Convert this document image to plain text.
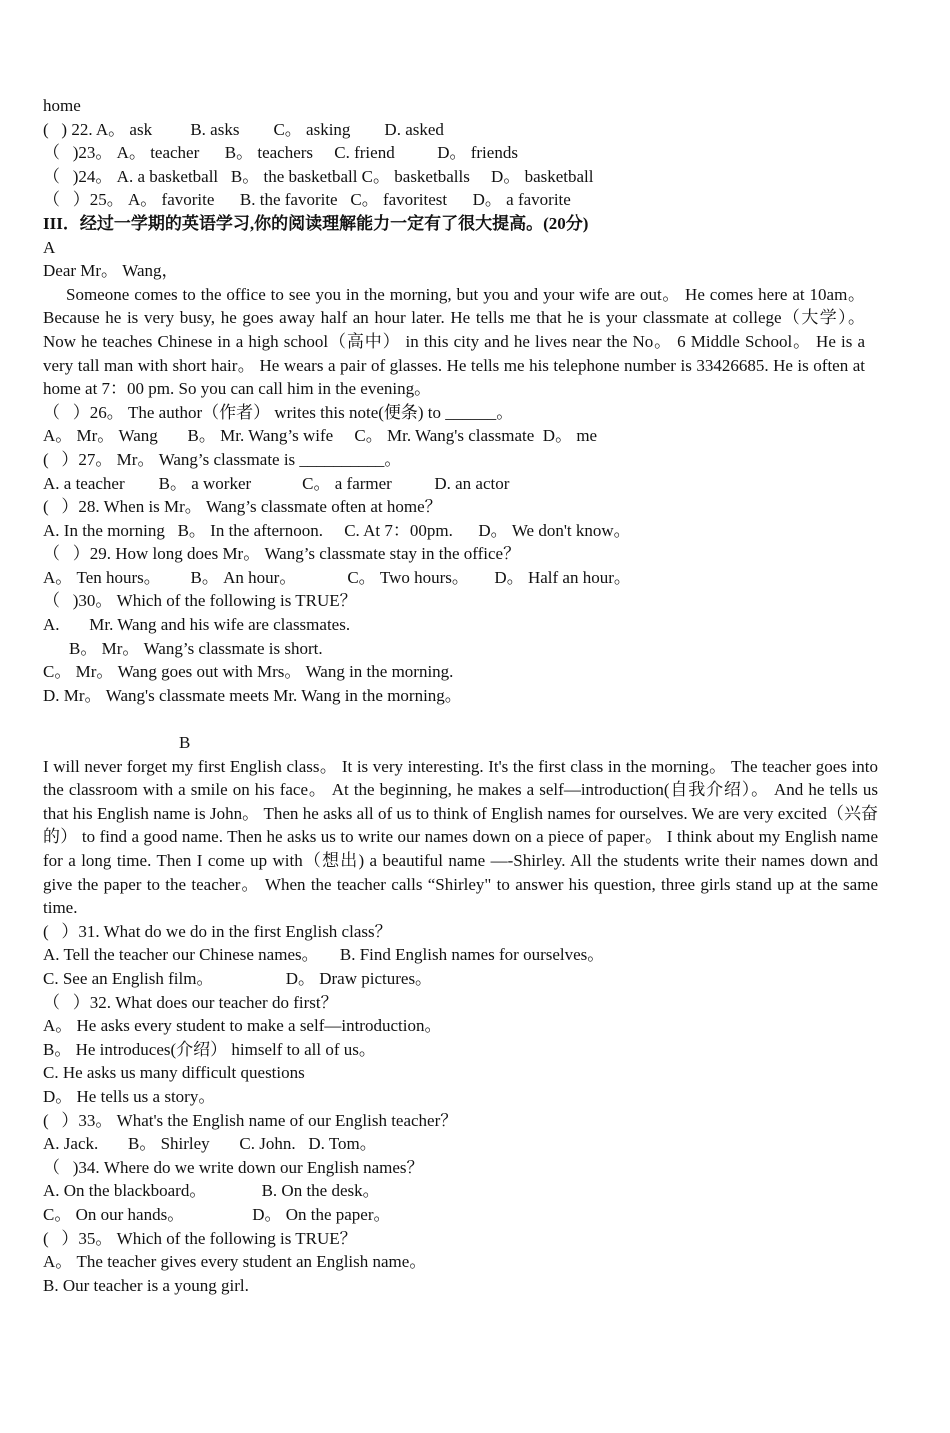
home
(   ) 22. A。 ask         B. asks        C。 asking        D. asked
（   )23。 A。 teacher      B。 teachers     C. friend          D。 friends
（   )24。 A. a basketball   B。 the basketball C。 basketballs     D。 basketball
（   ）25。 A。 favorite      B. the favorite   C。 favoritest      D。 a favorite
III．经过一学期的英语学习,你的阅读理解能力一定有了很大提高。(20分)
A
Dear Mr。 Wang，
Someone comes to the office to see you in the morning, but you and your wife are out。 He comes here at 10am。 Because he is very busy, he goes away half an hour later. He tells me that he is your classmate at college（大学）。 Now he teaches Chinese in a high school（高中） in this city and he lives near the No。 6 Middle School。 He is a very tall man with short hair。 He wears a pair of glasses. He tells me his telephone number is 33426685. He is often at home at 7：00 pm. So you can call him in the evening。
（   ）26。 The author（作者） writes this note(便条) to ______。
A。 Mr。 Wang       B。 Mr. Wang’s wife     C。 Mr. Wang's classmate  D。 me
(   ）27。 Mr。 Wang’s classmate is __________。
A. a teacher        B。 a worker            C。 a farmer          D. an actor
(   ）28. When is Mr。 Wang’s classmate often at home？
A. In the morning   B。 In the afternoon.     C. At 7：00pm.      D。 We don't know。
（   ）29. How long does Mr。 Wang’s classmate stay in the office？
A。 Ten hours。       B。 An hour。            C。 Two hours。      D。 Half an hour。
（   )30。 Which of the following is TRUE？
A.       Mr. Wang and his wife are classmates.
B。 Mr。 Wang’s classmate is short.
C。 Mr。 Wang goes out with Mrs。 Wang in the morning.
D. Mr。 Wang's classmate meets Mr. Wang in the morning。
B
I will never forget my first English class。 It is very interesting. It's the first class in the morning。 The teacher goes into the classroom with a smile on his face。 At the beginning, he makes a self—introduction(自我介绍）。 And he tells us that his English name is John。 Then he asks all of us to think of English names for ourselves. We are very excited（兴奋的） to find a good name. Then he asks us to write our names down on a piece of paper。 I think about my English name for a long time. Then I come up with（想出) a beautiful name —-Shirley. All the students write their names down and give the paper to the teacher。 When the teacher calls “Shirley" to answer his question, three girls stand up at the same time.
(   ）31. What do we do in the first English class？
A. Tell the teacher our Chinese names。     B. Find English names for ourselves。
C. See an English film。                 D。 Draw pictures。
（   ）32. What does our teacher do first？
A。 He asks every student to make a self—introduction。
B。 He introduces(介绍） himself to all of us。
C. He asks us many difficult questions
D。 He tells us a story。
(   ）33。 What's the English name of our English teacher？
A. Jack.       B。 Shirley       C. John.   D. Tom。
（   )34. Where do we write down our English names？
A. On the blackboard。             B. On the desk。
C。 On our hands。                D。 On the paper。
(   ）35。 Which of the following is TRUE？
A。 The teacher gives every student an English name。
B. Our teacher is a young girl.
